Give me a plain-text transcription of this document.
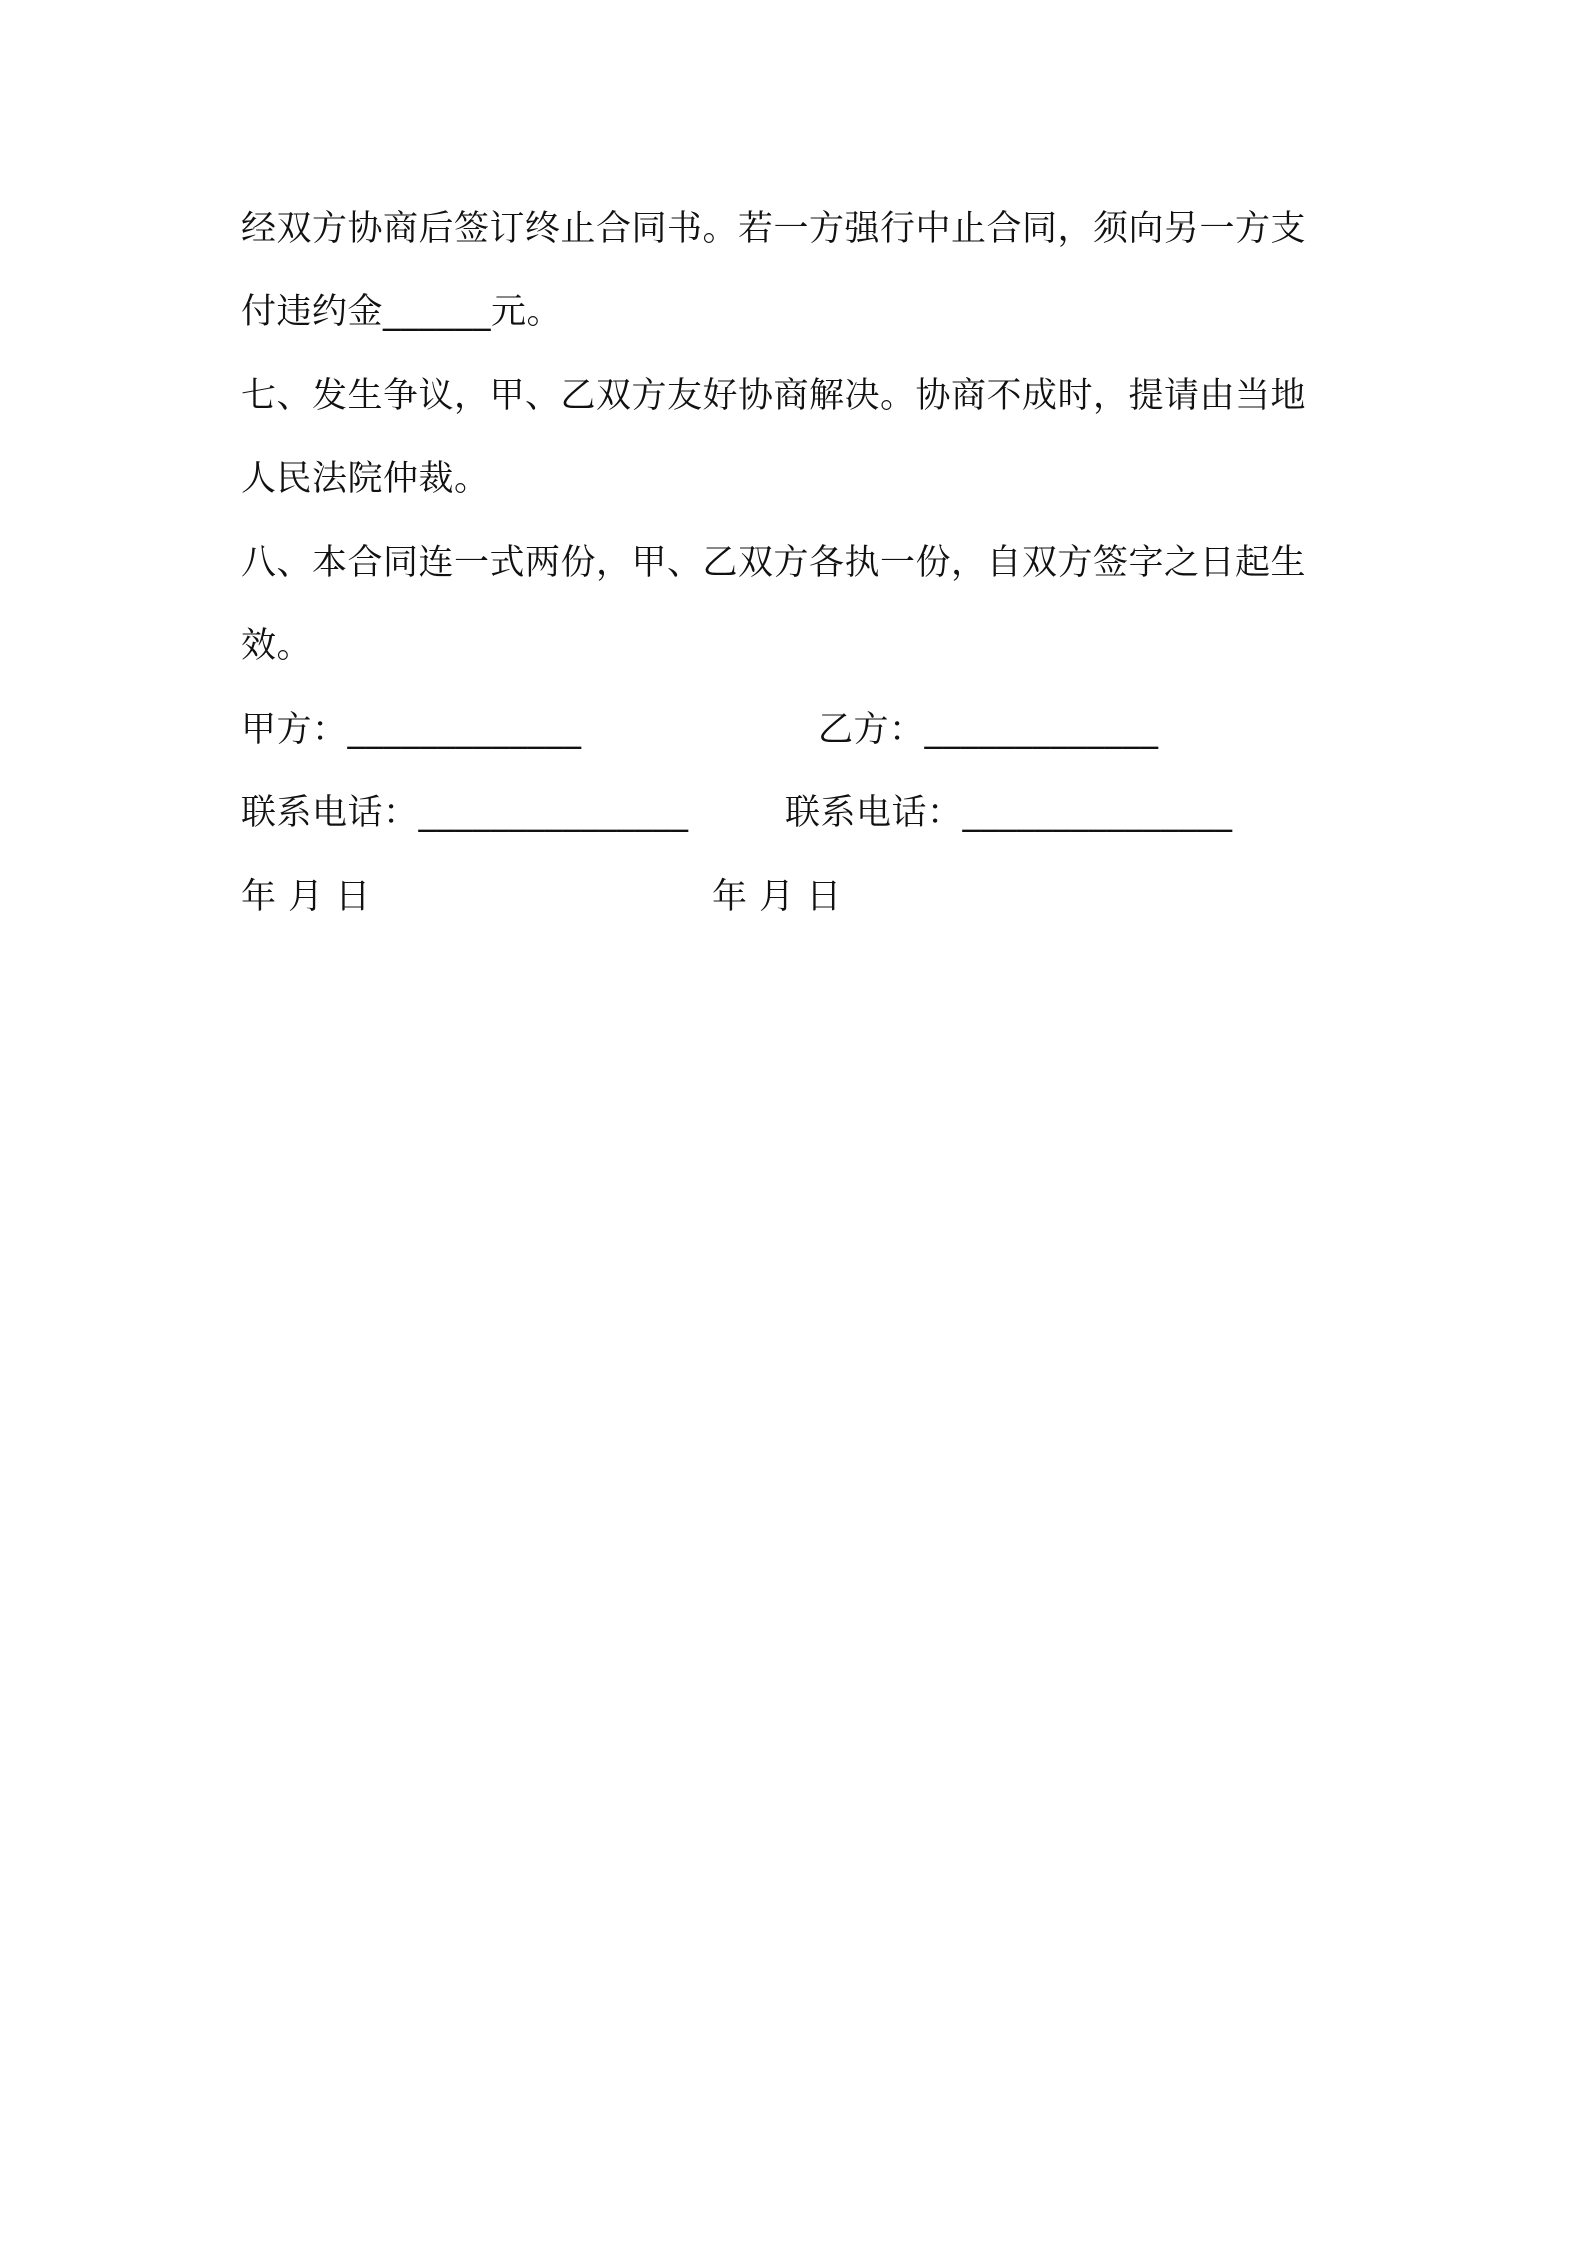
经双方协商后签订终止合同书。若一方强行中止合同，须向另一方支
付违约金______元。
七、发生争议，甲、乙双方友好协商解决。协商不成时，提请由当地
人民法院仲裁。
八、本合同连一式两份，甲、乙双方各执一份，自双方签字之日起生
效。
甲方：_____________	乙方：_____________
联系电话：_______________	联系电话：_______________
年 月 日	年 月 日
